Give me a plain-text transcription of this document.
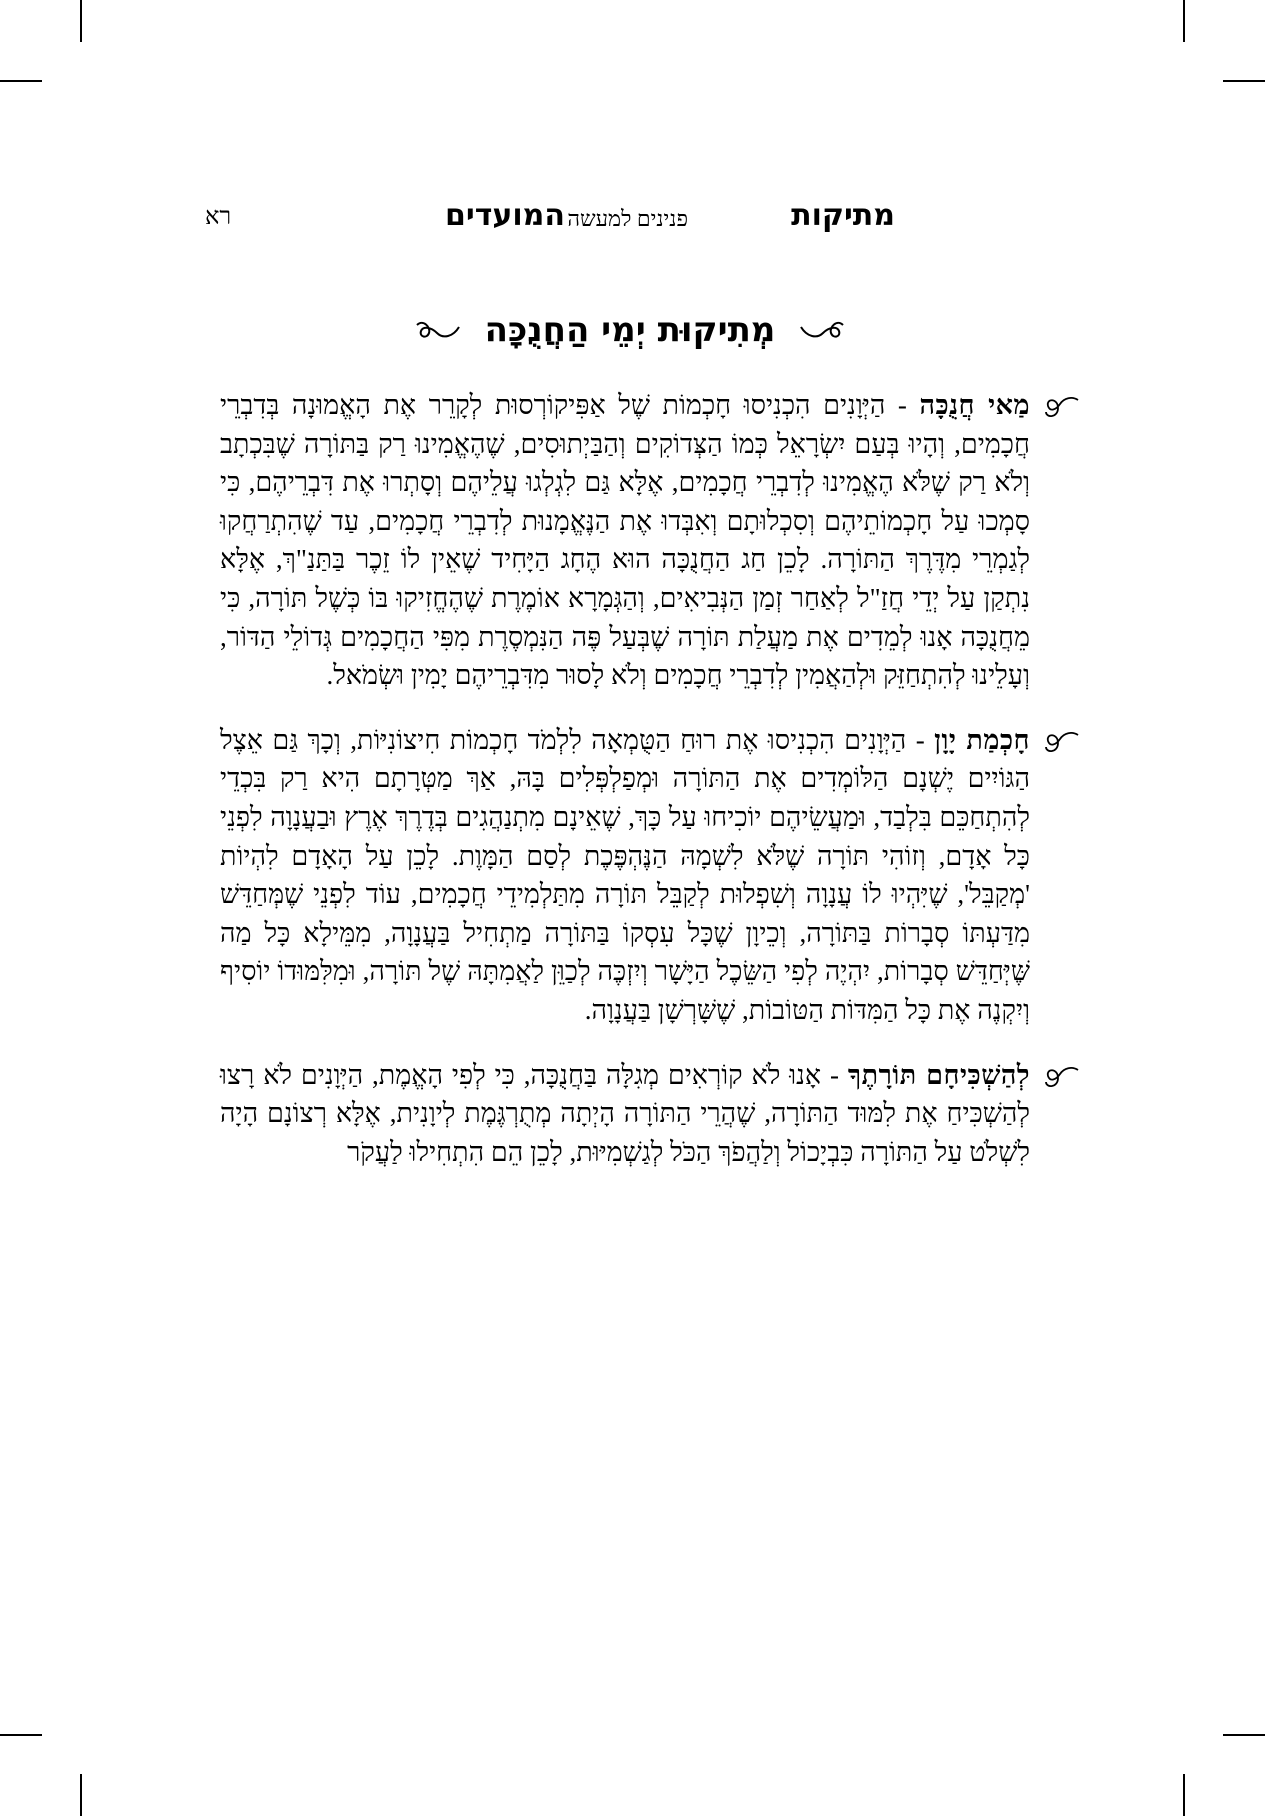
מתיקות
פנינים למעשה
המועדים
רא
מְתִיקוּת יְמֵי הַחֲנֻכָּה

מַאי חֲנֻכָּה - הַיְּוָנִים הִכְנִיסוּ חָכְמוֹת שֶׁל אַפִּיקוֹרְסוּת לְקָרֵר אֶת הָאֱמוּנָה בְּדִבְרֵי חֲכָמִים, וְהָיוּ בְּעַם יִשְׂרָאֵל כְּמוֹ הַצְּדוֹקִים וְהַבַּיְתוּסִים, שֶׁהֶאֱמִינוּ רַק בַּתּוֹרָה שֶׁבִּכְתָב וְלֹא רַק שֶׁלֹּא הֶאֱמִינוּ לְדִבְרֵי חֲכָמִים, אֶלָּא גַּם לִגְלְגוּ עֲלֵיהֶם וְסָתְרוּ אֶת דִּבְרֵיהֶם, כִּי סָמְכוּ עַל חָכְמוֹתֵיהֶם וְסִכְלוּתָם וְאִבְּדוּ אֶת הַנֶּאֱמָנוּת לְדִבְרֵי חֲכָמִים, עַד שֶׁהִתְרַחֲקוּ לְגַמְרֵי מִדֶּרֶךְ הַתּוֹרָה. לָכֵן חַג הַחֲנֻכָּה הוּא הֶחָג הַיָּחִיד שֶׁאֵין לוֹ זֵכֶר בַּתַּנַ"ךְ, אֶלָּא נִתְקַן עַל יְדֵי חֲזַ"ל לְאַחַר זְמַן הַנְּבִיאִים, וְהַגְּמָרָא אוֹמֶרֶת שֶׁהֶחֱזִיקוּ בּוֹ כְּשֶׁל תּוֹרָה, כִּי מֵחֲנֻכָּה אָנוּ לְמֵדִים אֶת מַעֲלַת תּוֹרָה שֶׁבְּעַל פֶּה הַנִּמְסֶרֶת מִפִּי הַחֲכָמִים גְּדוֹלֵי הַדּוֹר, וְעָלֵינוּ לְהִתְחַזֵּק וּלְהַאֲמִין לְדִבְרֵי חֲכָמִים וְלֹא לָסוּר מִדִּבְרֵיהֶם יָמִין וּשְׂמֹאל.

חָכְמַת יָוָן - הַיְּוָנִים הִכְנִיסוּ אֶת רוּחַ הַטֻּמְאָה לִלְמֹד חָכְמוֹת חִיצוֹנִיּוֹת, וְכָךְ גַּם אֵצֶל הַגּוֹיִים יֶשְׁנָם הַלּוֹמְדִים אֶת הַתּוֹרָה וּמְפַלְפְּלִים בָּהּ, אַךְ מַטְּרָתָם הִיא רַק בִּכְדֵי לְהִתְחַכֵּם בִּלְבַד, וּמַעֲשֵׂיהֶם יוֹכִיחוּ עַל כָּךְ, שֶׁאֵינָם מִתְנַהֲגִים בְּדֶרֶךְ אֶרֶץ וּבַעֲנָוָה לִפְנֵי כָּל אָדָם, וְזוֹהִי תּוֹרָה שֶׁלֹּא לִשְׁמָהּ הַנֶּהְפֶּכֶת לְסַם הַמָּוֶת. לָכֵן עַל הָאָדָם לִהְיוֹת 'מְקַבֵּל', שֶׁיִּהְיוּ לוֹ עֲנָוָה וְשִׁפְלוּת לְקַבֵּל תּוֹרָה מִתַּלְמִידֵי חֲכָמִים, עוֹד לִפְנֵי שֶׁמְּחַדֵּשׁ מִדַּעְתּוֹ סְבָרוֹת בַּתּוֹרָה, וְכֵיוָן שֶׁכָּל עִסְקוֹ בַּתּוֹרָה מַתְחִיל בַּעֲנָוָה, מִמֵּילָא כָּל מַה שֶּׁיְּחַדֵּשׁ סְבָרוֹת, יִהְיֶה לְפִי הַשֵּׂכֶל הַיָּשָׁר וְיִזְכֶּה לְכַוֵּן לַאֲמִתָּהּ שֶׁל תּוֹרָה, וּמִלִּמּוּדוֹ יוֹסִיף וְיִקְנֶה אֶת כָּל הַמִּדּוֹת הַטּוֹבוֹת, שֶׁשָּׁרְשָׁן בַּעֲנָוָה.

לְהַשְׁכִּיחָם תּוֹרָתֶךָ - אָנוּ לֹא קוֹרְאִים מְגִלָּה בַּחֲנֻכָּה, כִּי לְפִי הָאֱמֶת, הַיְּוָנִים לֹא רָצוּ לְהַשְׁכִּיחַ אֶת לִמּוּד הַתּוֹרָה, שֶׁהֲרֵי הַתּוֹרָה הָיְתָה מְתֻרְגֶּמֶת לְיוָנִית, אֶלָּא רְצוֹנָם הָיָה לִשְׁלֹט עַל הַתּוֹרָה כִּבְיָכוֹל וְלַהֲפֹךְ הַכֹּל לְגַשְׁמִיּוּת, לָכֵן הֵם הִתְחִילוּ לַעֲקֹר
